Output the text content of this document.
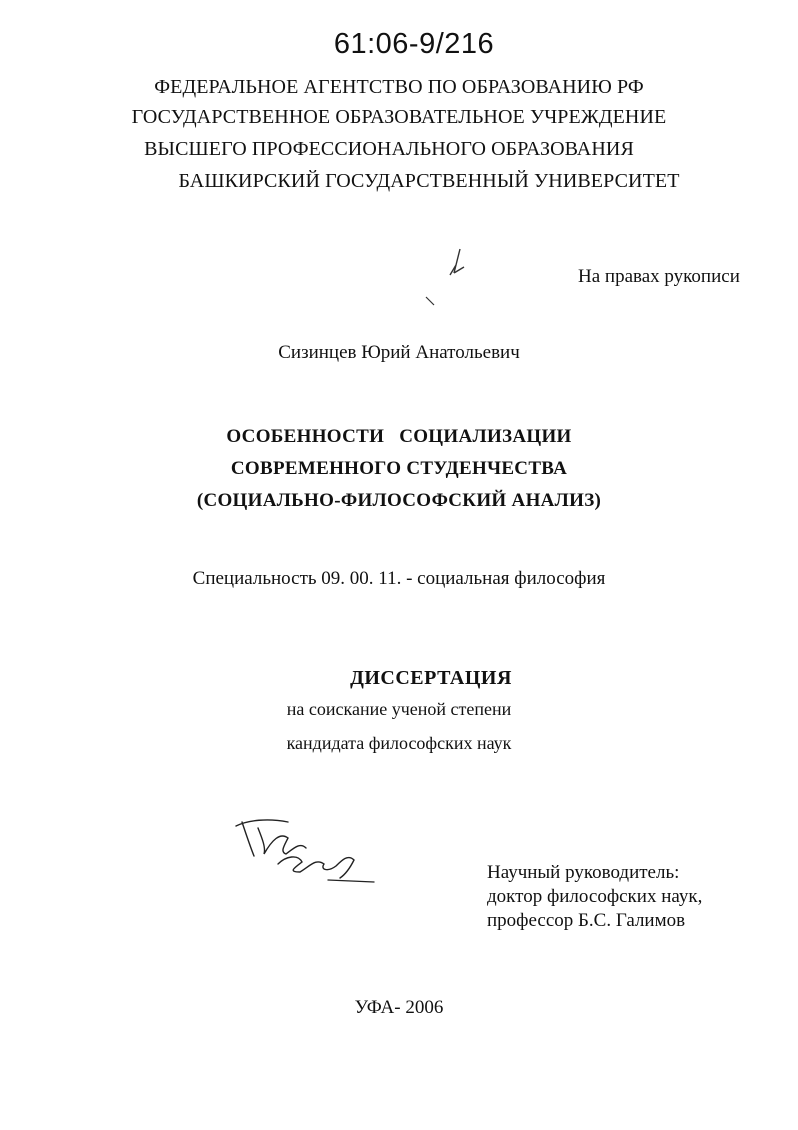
61:06-9/216
ФЕДЕРАЛЬНОЕ АГЕНТСТВО ПО ОБРАЗОВАНИЮ РФ
ГОСУДАРСТВЕННОЕ ОБРАЗОВАТЕЛЬНОЕ УЧРЕЖДЕНИЕ
ВЫСШЕГО ПРОФЕССИОНАЛЬНОГО ОБРАЗОВАНИЯ
БАШКИРСКИЙ ГОСУДАРСТВЕННЫЙ УНИВЕРСИТЕТ
На правах рукописи
Сизинцев Юрий Анатольевич
ОСОБЕННОСТИ СОЦИАЛИЗАЦИИ
СОВРЕМЕННОГО СТУДЕНЧЕСТВА
(СОЦИАЛЬНО-ФИЛОСОФСКИЙ АНАЛИЗ)
Специальность 09. 00. 11. - социальная философия
ДИССЕРТАЦИЯ
на соискание ученой степени
кандидата философских наук
Научный руководитель:
доктор философских наук,
профессор Б.С. Галимов
УФА- 2006
